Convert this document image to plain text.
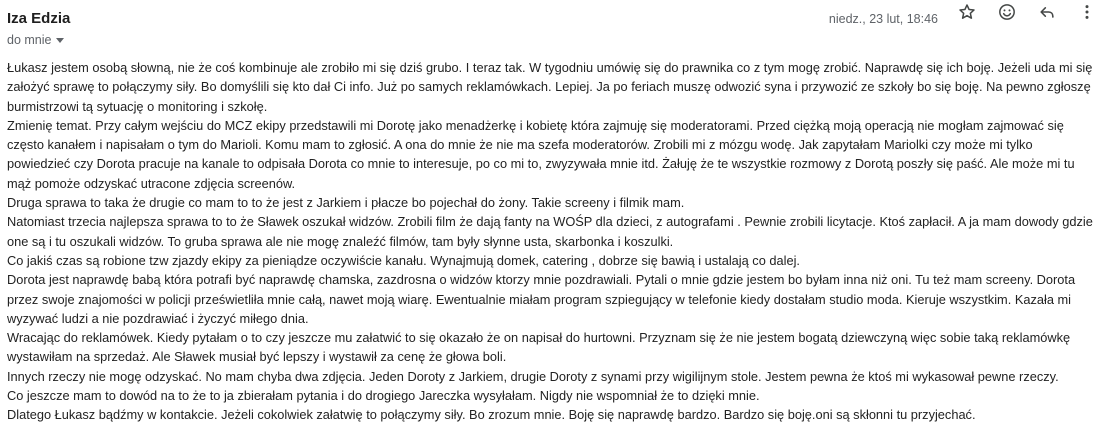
Iza Edzia
do mnie
niedz., 23 lut, 18:46

Łukasz jestem osobą słowną, nie że coś kombinuje ale zrobiło mi się dziś grubo. I teraz tak. W tygodniu umówię się do prawnika co z tym mogę zrobić. Naprawdę się ich boję. Jeżeli uda mi się założyć sprawę to połączymy siły. Bo domyślili się kto dał Ci info. Już po samych reklamówkach. Lepiej. Ja po feriach muszę odwozić syna i przywozić ze szkoły bo się boję. Na pewno zgłoszę burmistrzowi tą sytuację o monitoring i szkołę.

Zmienię temat. Przy całym wejściu do MCZ ekipy przedstawili mi Dorotę jako menadżerkę i kobietę która zajmuję się moderatorami. Przed ciężką moją operacją nie mogłam zajmować się często kanałem i napisałam o tym do Marioli. Komu mam to zgłosić. A ona do mnie że nie ma szefa moderatorów. Zrobili mi z mózgu wodę. Jak zapytałam Mariolki czy może mi tylko powiedzieć czy Dorota pracuje na kanale to odpisała Dorota co mnie to interesuje, po co mi to, zwyzywała mnie itd. Żałuję że te wszystkie rozmowy z Dorotą poszły się paść. Ale może mi tu mąż pomoże odzyskać utracone zdjęcia screenów.

Druga sprawa to taka że drugie co mam to to że jest z Jarkiem i płacze bo pojechał do żony. Takie screeny i filmik mam.

Natomiast trzecia najlepsza sprawa to to że Sławek oszukał widzów. Zrobili film że dają fanty na WOŚP dla dzieci, z autografami . Pewnie zrobili licytacje. Ktoś zapłacił. A ja mam dowody gdzie one są i tu oszukali widzów. To gruba sprawa ale nie mogę znaleźć filmów, tam były słynne usta, skarbonka i koszulki.

Co jakiś czas są robione tzw zjazdy ekipy za pieniądze oczywiście kanału. Wynajmują domek, catering , dobrze się bawią i ustalają co dalej.

Dorota jest naprawdę babą która potrafi być naprawdę chamska, zazdrosna o widzów ktorzy mnie pozdrawiali. Pytali o mnie gdzie jestem bo byłam inna niż oni. Tu też mam screeny. Dorota przez swoje znajomości w policji prześwietliła mnie całą, nawet moją wiarę. Ewentualnie miałam program szpiegujący w telefonie kiedy dostałam studio moda. Kieruje wszystkim. Kazała mi wyzywać ludzi a nie pozdrawiać i życzyć miłego dnia.

Wracając do reklamówek. Kiedy pytałam o to czy jeszcze mu załatwić to się okazało że on napisał do hurtowni. Przyznam się że nie jestem bogatą dziewczyną więc sobie taką reklamówkę wystawiłam na sprzedaż. Ale Sławek musiał być lepszy i wystawił za cenę że głowa boli.

Innych rzeczy nie mogę odzyskać. No mam chyba dwa zdjęcia. Jeden Doroty z Jarkiem, drugie Doroty z synami przy wigilijnym stole. Jestem pewna że ktoś mi wykasował pewne rzeczy.

Co jeszcze mam to dowód na to że to ja zbierałam pytania i do drogiego Jareczka wysyłałam. Nigdy nie wspomniał że to dzięki mnie.

Dlatego Łukasz bądźmy w kontakcie. Jeżeli cokolwiek załatwię to połączymy siły. Bo zrozum mnie. Boję się naprawdę bardzo. Bardzo się boję.oni są skłonni tu przyjechać.
